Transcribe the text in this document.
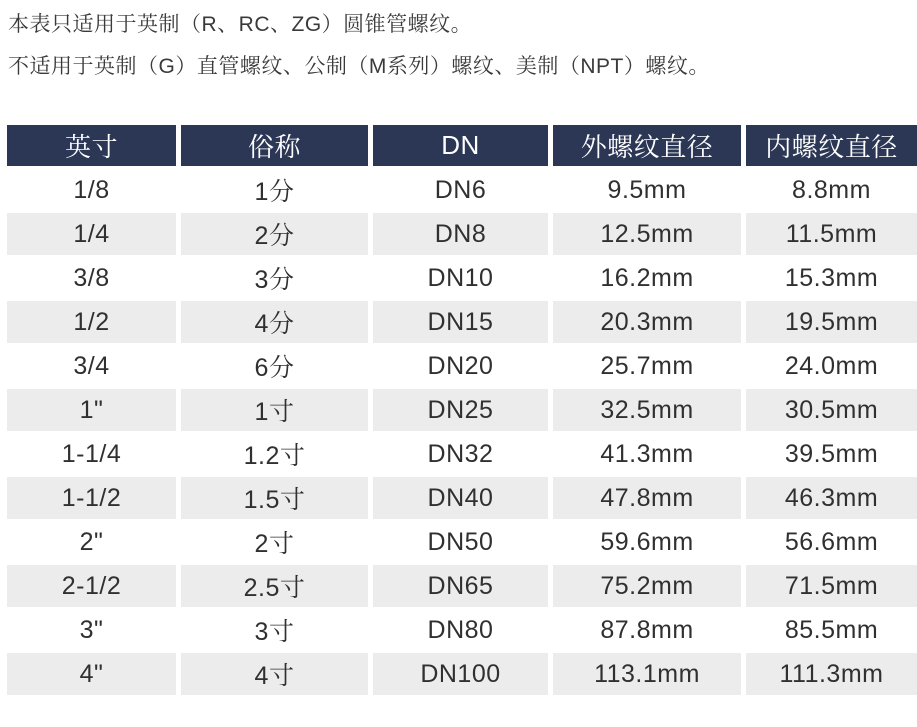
本表只适用于英制（R、RC、ZG）圆锥管螺纹。

不适用于英制（G）直管螺纹、公制（M系列）螺纹、美制（NPT）螺纹。

英寸	俗称	DN	外螺纹直径	内螺纹直径
1/8	1分	DN6	9.5mm	8.8mm
1/4	2分	DN8	12.5mm	11.5mm
3/8	3分	DN10	16.2mm	15.3mm
1/2	4分	DN15	20.3mm	19.5mm
3/4	6分	DN20	25.7mm	24.0mm
1"	1寸	DN25	32.5mm	30.5mm
1-1/4	1.2寸	DN32	41.3mm	39.5mm
1-1/2	1.5寸	DN40	47.8mm	46.3mm
2"	2寸	DN50	59.6mm	56.6mm
2-1/2	2.5寸	DN65	75.2mm	71.5mm
3"	3寸	DN80	87.8mm	85.5mm
4"	4寸	DN100	113.1mm	111.3mm
